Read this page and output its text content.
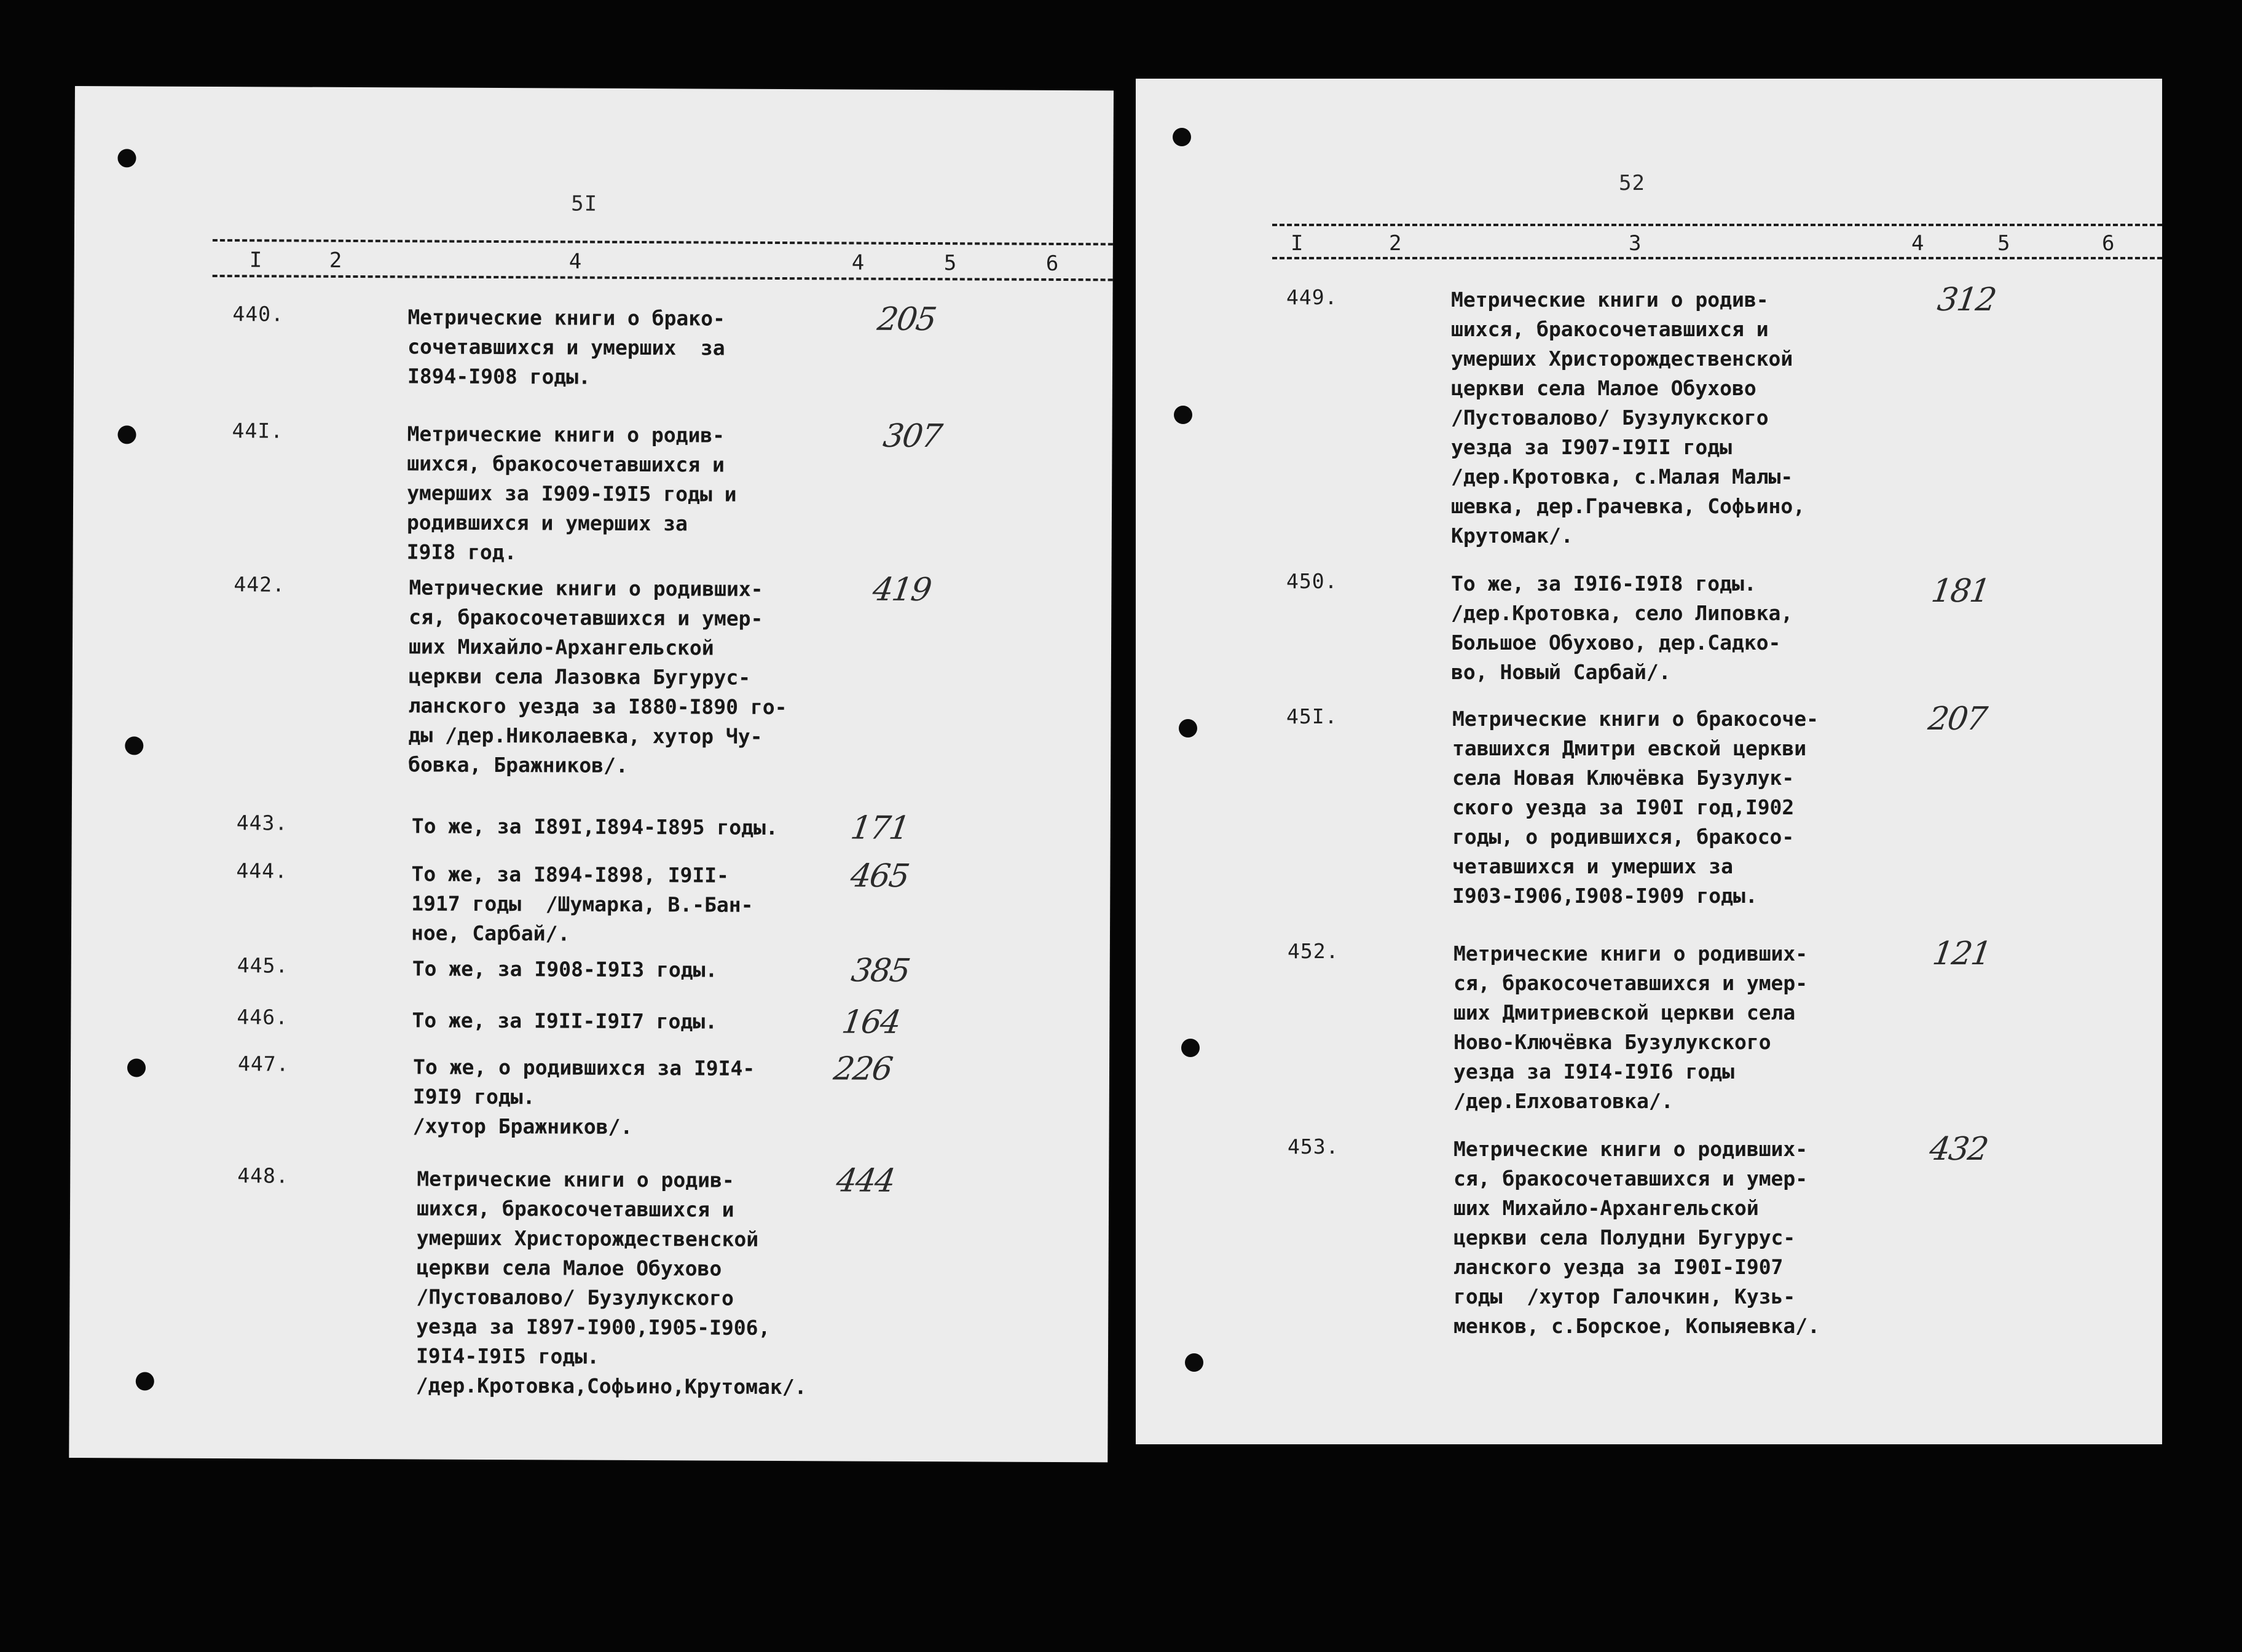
5I
I	2	4	4	5	6
440.	Метрические книги о брако-
сочетавшихся и умерших  за
I894-I908 годы.
205
44I.	Метрические книги о родив-
шихся, бракосочетавшихся и
умерших за I909-I9I5 годы и
родившихся и умерших за
I9I8 год.
307
442.	Метрические книги о родивших-
ся, бракосочетавшихся и умер-
ших Михайло-Архангельской
церкви села Лазовка Бугурус-
ланского уезда за I880-I890 го-
ды /дер.Николаевка, хутор Чу-
бовка, Бражников/.
419
443.	То же, за I89I,I894-I895 годы. 171
444.	То же, за I894-I898, I9II-
1917 годы  /Шумарка, В.-Бан-
ное, Сарбай/.
465
445.	То же, за I908-I9I3 годы.	385
446.	То же, за I9II-I9I7 годы.	164
447.	То же, о родившихся за I9I4-
I9I9 годы.
/хутор Бражников/.
226
448.	Метрические книги о родив-
шихся, бракосочетавшихся и
умерших Христорождественской
церкви села Малое Обухово
/Пустовалово/ Бузулукского
уезда за I897-I900,I905-I906,
I9I4-I9I5 годы.
/дер.Кротовка,Софьино,Крутомак/.
444
52
I	2	3	4	5	6
449.	Метрические книги о родив-
шихся, бракосочетавшихся и
умерших Христорождественской
церкви села Малое Обухово
/Пустовалово/ Бузулукского
уезда за I907-I9II годы
/дер.Кротовка, с.Малая Малы-
шевка, дер.Грачевка, Софьино,
Крутомак/.
312
450.	То же, за I9I6-I9I8 годы.
/дер.Кротовка, село Липовка,
Большое Обухово, дер.Садко-
во, Новый Сарбай/.
181
45I.	Метрические книги о бракосоче-
тавшихся Дмитри евской церкви
села Новая Ключёвка Бузулук-
ского уезда за I90I год,I902
годы, о родившихся, бракосо-
четавшихся и умерших за
I903-I906,I908-I909 годы.
207
452.	Метрические книги о родивших-
ся, бракосочетавшихся и умер-
ших Дмитриевской церкви села
Ново-Ключёвка Бузулукского
уезда за I9I4-I9I6 годы
/дер.Елховатовка/.
121
453.	Метрические книги о родивших-
ся, бракосочетавшихся и умер-
ших Михайло-Архангельской
церкви села Полудни Бугурус-
ланского уезда за I90I-I907
годы  /хутор Галочкин, Кузь-
менков, с.Борское, Копыяевка/.
432
